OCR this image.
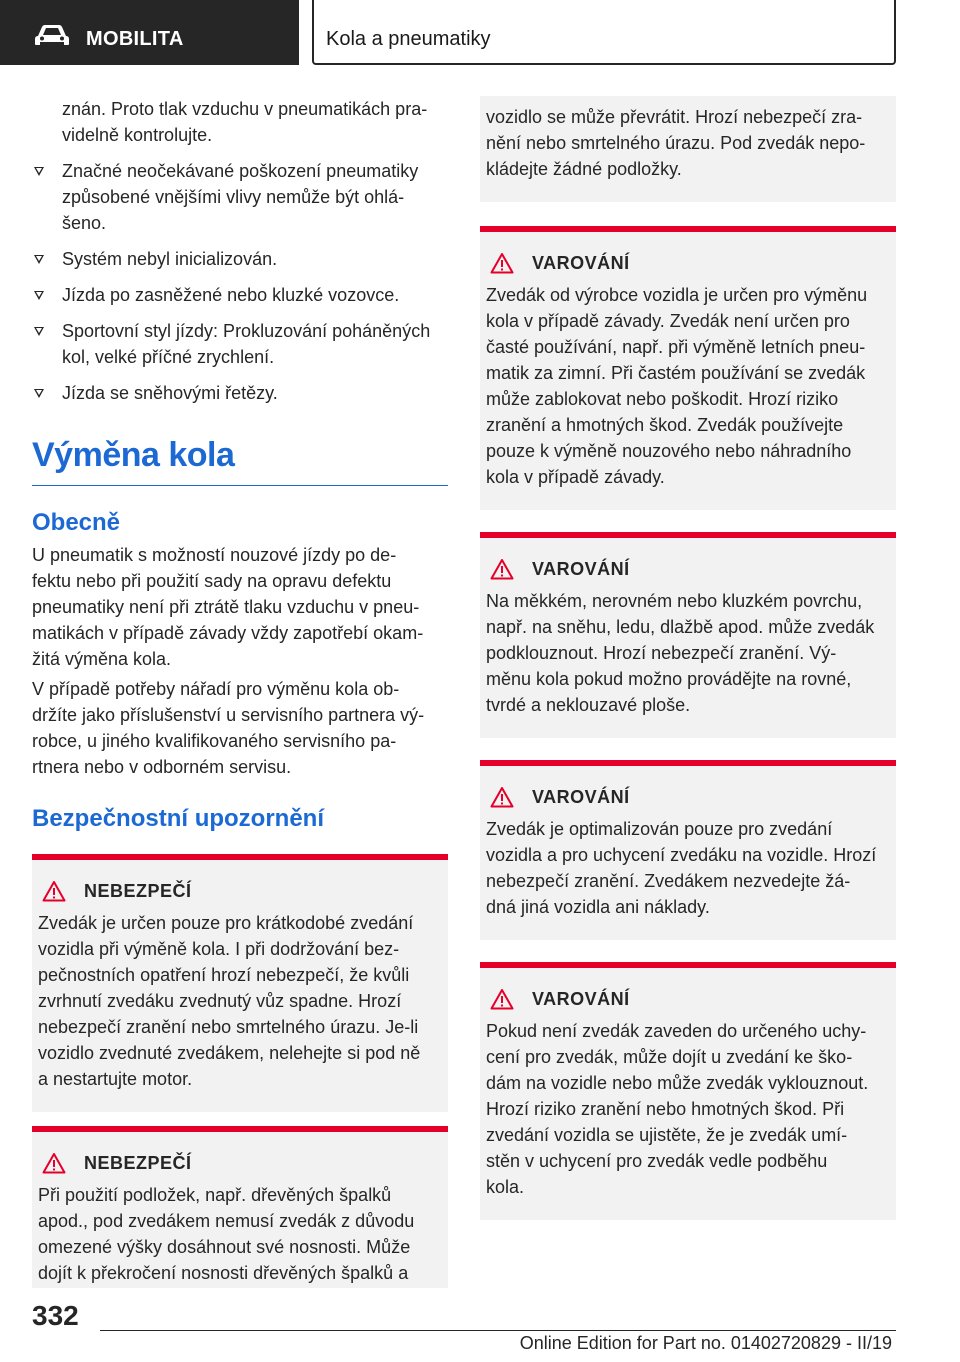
MOBILITA	Kola a pneumatiky
znán. Proto tlak vzduchu v pneumatikách pra-
videlně kontrolujte.
Značné neočekávané poškození pneumatiky
způsobené vnějšími vlivy nemůže být ohlá-
šeno.
Systém nebyl inicializován.
Jízda po zasněžené nebo kluzké vozovce.
Sportovní styl jízdy: Prokluzování poháněných
kol, velké příčné zrychlení.
Jízda se sněhovými řetězy.
Výměna kola
Obecně
U pneumatik s možností nouzové jízdy po de-
fektu nebo při použití sady na opravu defektu
pneumatiky není při ztrátě tlaku vzduchu v pneu-
matikách v případě závady vždy zapotřebí okam-
žitá výměna kola.
V případě potřeby nářadí pro výměnu kola ob-
držíte jako příslušenství u servisního partnera vý-
robce, u jiného kvalifikovaného servisního pa-
rtnera nebo v odborném servisu.
Bezpečnostní upozornění
NEBEZPEČÍ
Zvedák je určen pouze pro krátkodobé zvedání
vozidla při výměně kola. I při dodržování bez-
pečnostních opatření hrozí nebezpečí, že kvůli
zvrhnutí zvedáku zvednutý vůz spadne. Hrozí
nebezpečí zranění nebo smrtelného úrazu. Je-li
vozidlo zvednuté zvedákem, nelehejte si pod ně
a nestartujte motor.
NEBEZPEČÍ
Při použití podložek, např. dřevěných špalků
apod., pod zvedákem nemusí zvedák z důvodu
omezené výšky dosáhnout své nosnosti. Může
dojít k překročení nosnosti dřevěných špalků a
vozidlo se může převrátit. Hrozí nebezpečí zra-
nění nebo smrtelného úrazu. Pod zvedák nepo-
kládejte žádné podložky.
VAROVÁNÍ
Zvedák od výrobce vozidla je určen pro výměnu
kola v případě závady. Zvedák není určen pro
časté používání, např. při výměně letních pneu-
matik za zimní. Při častém používání se zvedák
může zablokovat nebo poškodit. Hrozí riziko
zranění a hmotných škod. Zvedák používejte
pouze k výměně nouzového nebo náhradního
kola v případě závady.
VAROVÁNÍ
Na měkkém, nerovném nebo kluzkém povrchu,
např. na sněhu, ledu, dlažbě apod. může zvedák
podklouznout. Hrozí nebezpečí zranění. Vý-
měnu kola pokud možno provádějte na rovné,
tvrdé a neklouzavé ploše.
VAROVÁNÍ
Zvedák je optimalizován pouze pro zvedání
vozidla a pro uchycení zvedáku na vozidle. Hrozí
nebezpečí zranění. Zvedákem nezvedejte žá-
dná jiná vozidla ani náklady.
VAROVÁNÍ
Pokud není zvedák zaveden do určeného uchy-
cení pro zvedák, může dojít u zvedání ke ško-
dám na vozidle nebo může zvedák vyklouznout.
Hrozí riziko zranění nebo hmotných škod. Při
zvedání vozidla se ujistěte, že je zvedák umí-
stěn v uchycení pro zvedák vedle podběhu
kola.
332
Online Edition for Part no. 01402720829 - II/19
